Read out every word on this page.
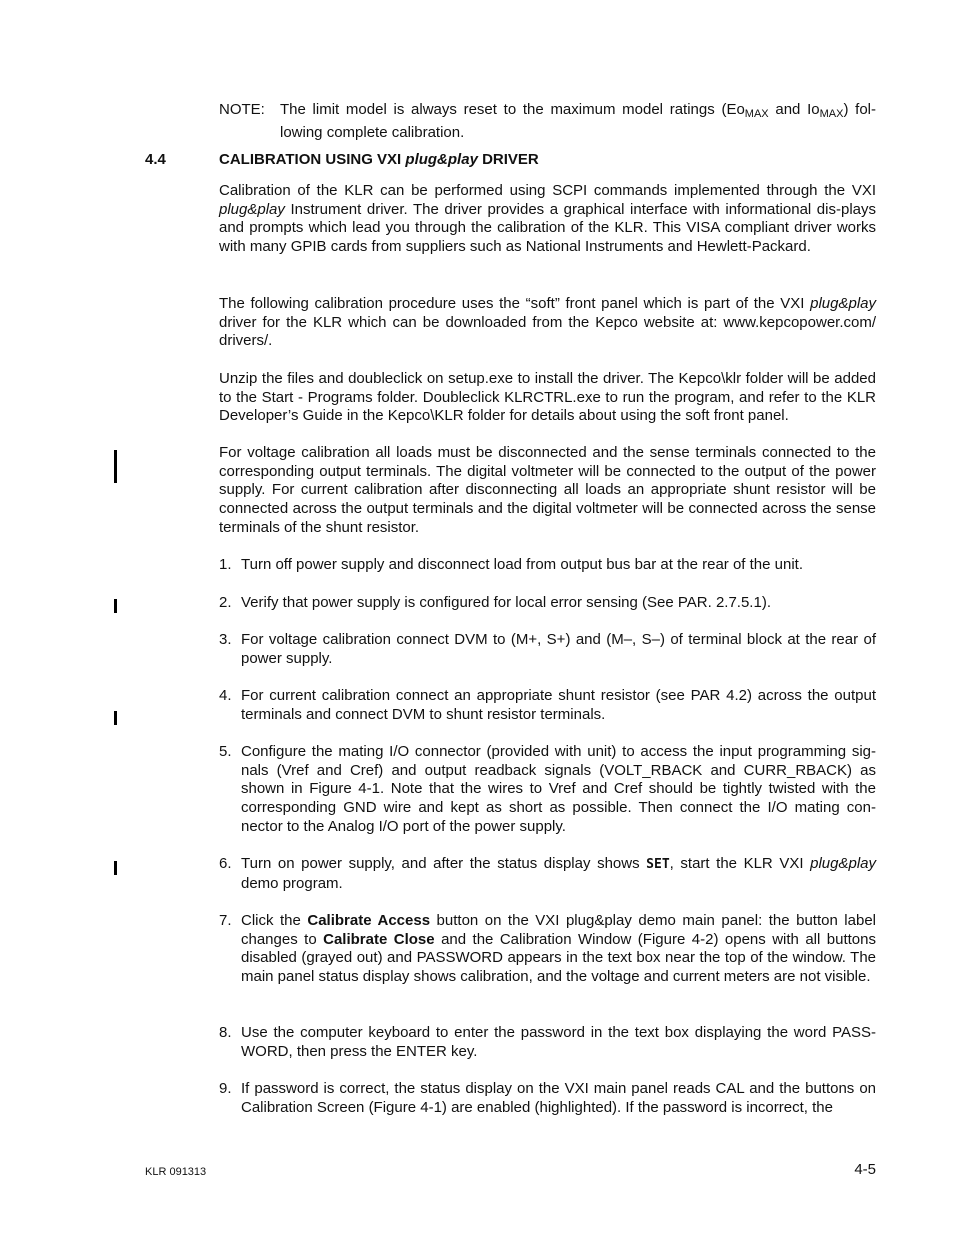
NOTE: The limit model is always reset to the maximum model ratings ($Eo_{MAX}$ and $Io_{MAX}$) fol-lowing complete calibration.
4.4	CALIBRATION USING VXI plug&play DRIVER
Calibration of the KLR can be performed using SCPI commands implemented through the VXI plug&play Instrument driver. The driver provides a graphical interface with informational dis-plays and prompts which lead you through the calibration of the KLR. This VISA compliant driver works with many GPIB cards from suppliers such as National Instruments and Hewlett-Packard.
The following calibration procedure uses the “soft” front panel which is part of the VXI plug&play driver for the KLR which can be downloaded from the Kepco website at: www.kepcopower.com/ drivers/.
Unzip the files and doubleclick on setup.exe to install the driver. The Kepco\klr folder will be added to the Start - Programs folder. Doubleclick KLRCTRL.exe to run the program, and refer to the KLR Developer’s Guide in the Kepco\KLR folder for details about using the soft front panel.
For voltage calibration all loads must be disconnected and the sense terminals connected to the corresponding output terminals. The digital voltmeter will be connected to the output of the power supply. For current calibration after disconnecting all loads an appropriate shunt resistor will be connected across the output terminals and the digital voltmeter will be connected across the sense terminals of the shunt resistor.
1. Turn off power supply and disconnect load from output bus bar at the rear of the unit.
2. Verify that power supply is configured for local error sensing (See PAR. 2.7.5.1).
3. For voltage calibration connect DVM to (M+, S+) and (M–, S–) of terminal block at the rear of power supply.
4. For current calibration connect an appropriate shunt resistor (see PAR 4.2) across the output terminals and connect DVM to shunt resistor terminals.
5. Configure the mating I/O connector (provided with unit) to access the input programming sig-nals (Vref and Cref) and output readback signals (VOLT_RBACK and CURR_RBACK) as shown in Figure 4-1. Note that the wires to Vref and Cref should be tightly twisted with the corresponding GND wire and kept as short as possible. Then connect the I/O mating con-nector to the Analog I/O port of the power supply.
6. Turn on power supply, and after the status display shows SET, start the KLR VXI plug&play demo program.
7. Click the Calibrate Access button on the VXI plug&play demo main panel: the button label changes to Calibrate Close and the Calibration Window (Figure 4-2) opens with all buttons disabled (grayed out) and PASSWORD appears in the text box near the top of the window. The main panel status display shows calibration, and the voltage and current meters are not visible.
8. Use the computer keyboard to enter the password in the text box displaying the word PASS-WORD, then press the ENTER key.
9. If password is correct, the status display on the VXI main panel reads CAL and the buttons on Calibration Screen (Figure 4-1) are enabled (highlighted). If the password is incorrect, the
KLR 091313	4-5
